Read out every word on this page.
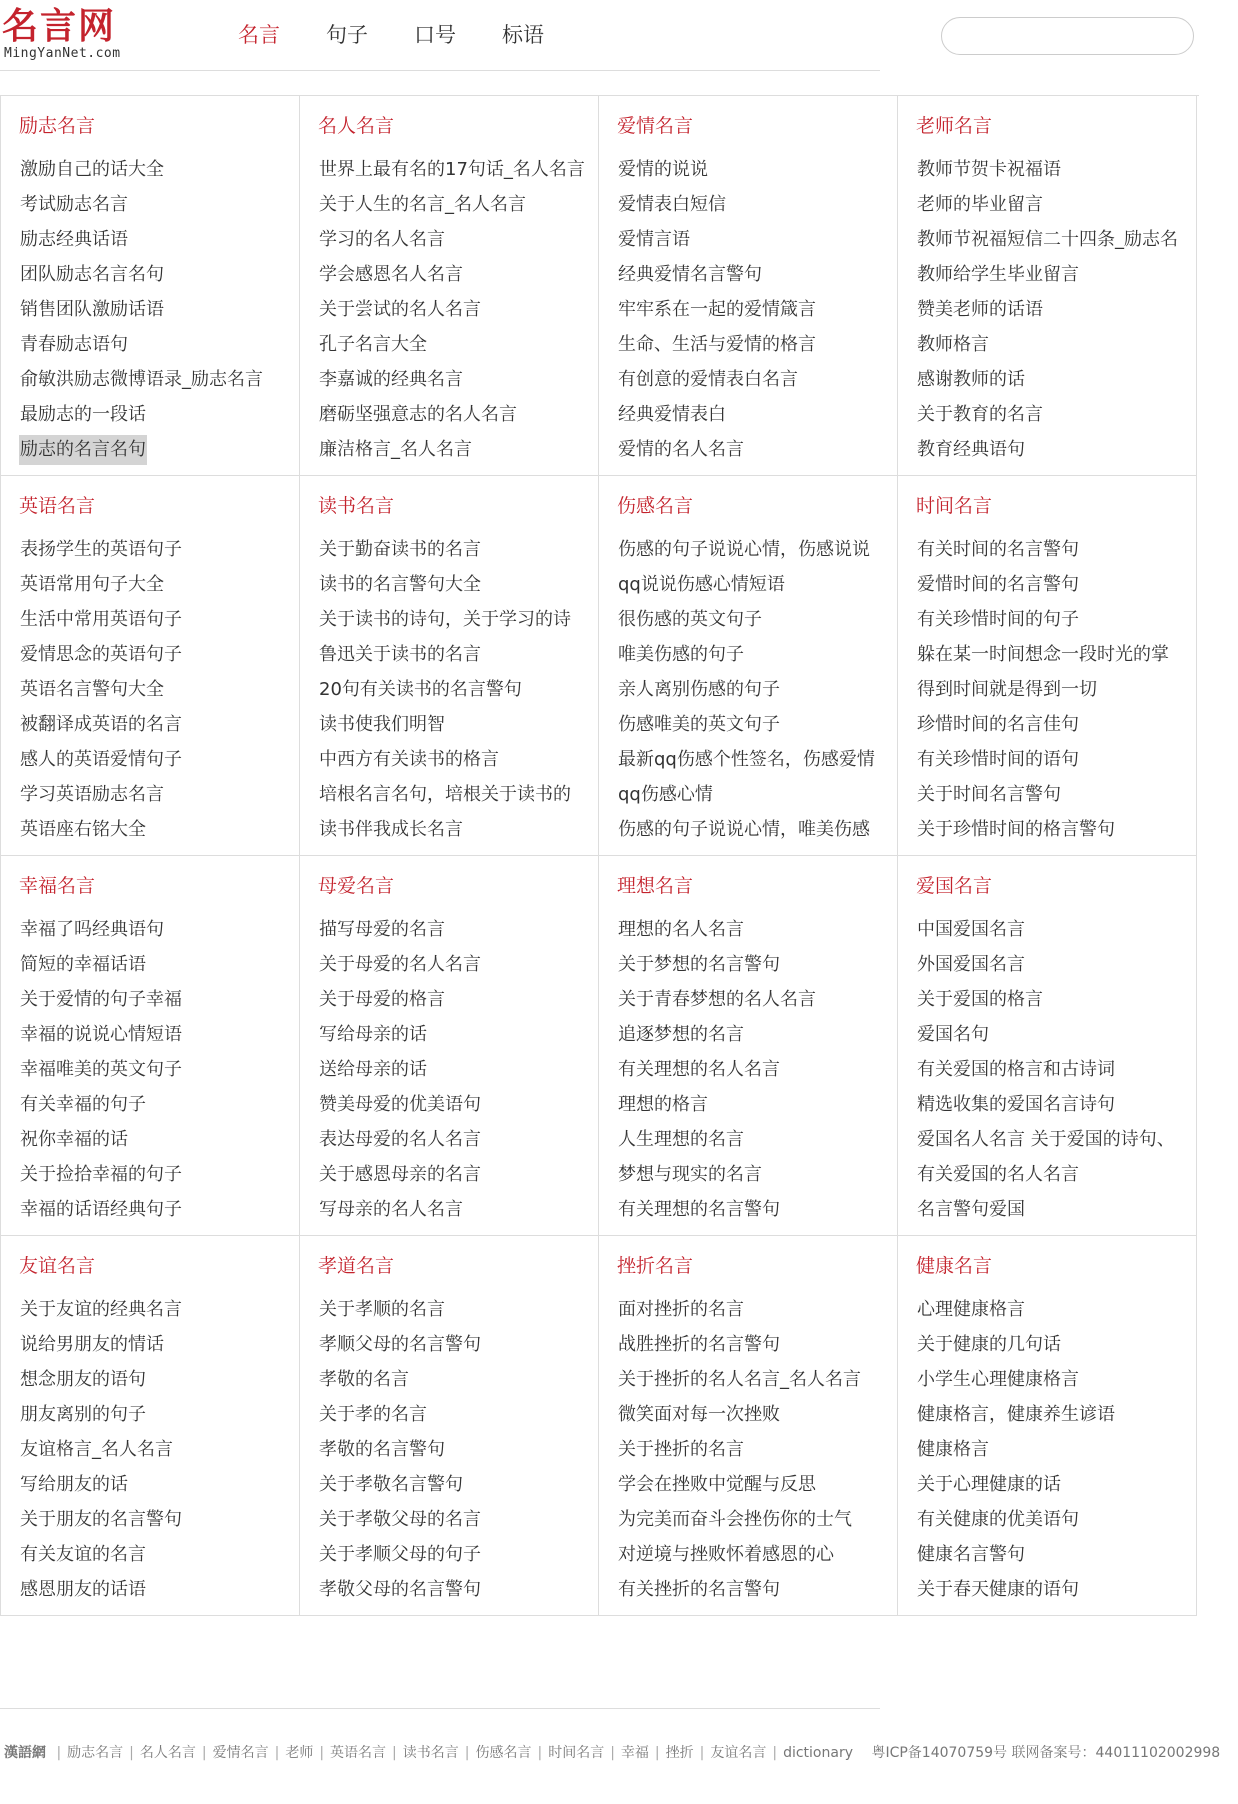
名言网
MingYanNet.com
名言 句子 口号 标语
励志名言
激励自己的话大全
考试励志名言
励志经典话语
团队励志名言名句
销售团队激励话语
青春励志语句
俞敏洪励志微博语录_励志名言
最励志的一段话
励志的名言名句
名人名言
世界上最有名的17句话_名人名言
关于人生的名言_名人名言
学习的名人名言
学会感恩名人名言
关于尝试的名人名言
孔子名言大全
李嘉诚的经典名言
磨砺坚强意志的名人名言
廉洁格言_名人名言
爱情名言
爱情的说说
爱情表白短信
爱情言语
经典爱情名言警句
牢牢系在一起的爱情箴言
生命、生活与爱情的格言
有创意的爱情表白名言
经典爱情表白
爱情的名人名言
老师名言
教师节贺卡祝福语
老师的毕业留言
教师节祝福短信二十四条_励志名
教师给学生毕业留言
赞美老师的话语
教师格言
感谢教师的话
关于教育的名言
教育经典语句
英语名言
表扬学生的英语句子
英语常用句子大全
生活中常用英语句子
爱情思念的英语句子
英语名言警句大全
被翻译成英语的名言
感人的英语爱情句子
学习英语励志名言
英语座右铭大全
读书名言
关于勤奋读书的名言
读书的名言警句大全
关于读书的诗句，关于学习的诗
鲁迅关于读书的名言
20句有关读书的名言警句
读书使我们明智
中西方有关读书的格言
培根名言名句，培根关于读书的
读书伴我成长名言
伤感名言
伤感的句子说说心情，伤感说说
qq说说伤感心情短语
很伤感的英文句子
唯美伤感的句子
亲人离别伤感的句子
伤感唯美的英文句子
最新qq伤感个性签名，伤感爱情
qq伤感心情
伤感的句子说说心情，唯美伤感
时间名言
有关时间的名言警句
爱惜时间的名言警句
有关珍惜时间的句子
躲在某一时间想念一段时光的掌
得到时间就是得到一切
珍惜时间的名言佳句
有关珍惜时间的语句
关于时间名言警句
关于珍惜时间的格言警句
幸福名言
幸福了吗经典语句
简短的幸福话语
关于爱情的句子幸福
幸福的说说心情短语
幸福唯美的英文句子
有关幸福的句子
祝你幸福的话
关于捡拾幸福的句子
幸福的话语经典句子
母爱名言
描写母爱的名言
关于母爱的名人名言
关于母爱的格言
写给母亲的话
送给母亲的话
赞美母爱的优美语句
表达母爱的名人名言
关于感恩母亲的名言
写母亲的名人名言
理想名言
理想的名人名言
关于梦想的名言警句
关于青春梦想的名人名言
追逐梦想的名言
有关理想的名人名言
理想的格言
人生理想的名言
梦想与现实的名言
有关理想的名言警句
爱国名言
中国爱国名言
外国爱国名言
关于爱国的格言
爱国名句
有关爱国的格言和古诗词
精选收集的爱国名言诗句
爱国名人名言 关于爱国的诗句、
有关爱国的名人名言
名言警句爱国
友谊名言
关于友谊的经典名言
说给男朋友的情话
想念朋友的语句
朋友离别的句子
友谊格言_名人名言
写给朋友的话
关于朋友的名言警句
有关友谊的名言
感恩朋友的话语
孝道名言
关于孝顺的名言
孝顺父母的名言警句
孝敬的名言
关于孝的名言
孝敬的名言警句
关于孝敬名言警句
关于孝敬父母的名言
关于孝顺父母的句子
孝敬父母的名言警句
挫折名言
面对挫折的名言
战胜挫折的名言警句
关于挫折的名人名言_名人名言
微笑面对每一次挫败
关于挫折的名言
学会在挫败中觉醒与反思
为完美而奋斗会挫伤你的士气
对逆境与挫败怀着感恩的心
有关挫折的名言警句
健康名言
心理健康格言
关于健康的几句话
小学生心理健康格言
健康格言，健康养生谚语
健康格言
关于心理健康的话
有关健康的优美语句
健康名言警句
关于春天健康的语句
漢語網 | 励志名言 | 名人名言 | 爱情名言 | 老师 | 英语名言 | 读书名言 | 伤感名言 | 时间名言 | 幸福 | 挫折 | 友谊名言 | dictionary 粤ICP备14070759号 联网备案号：44011102002998
